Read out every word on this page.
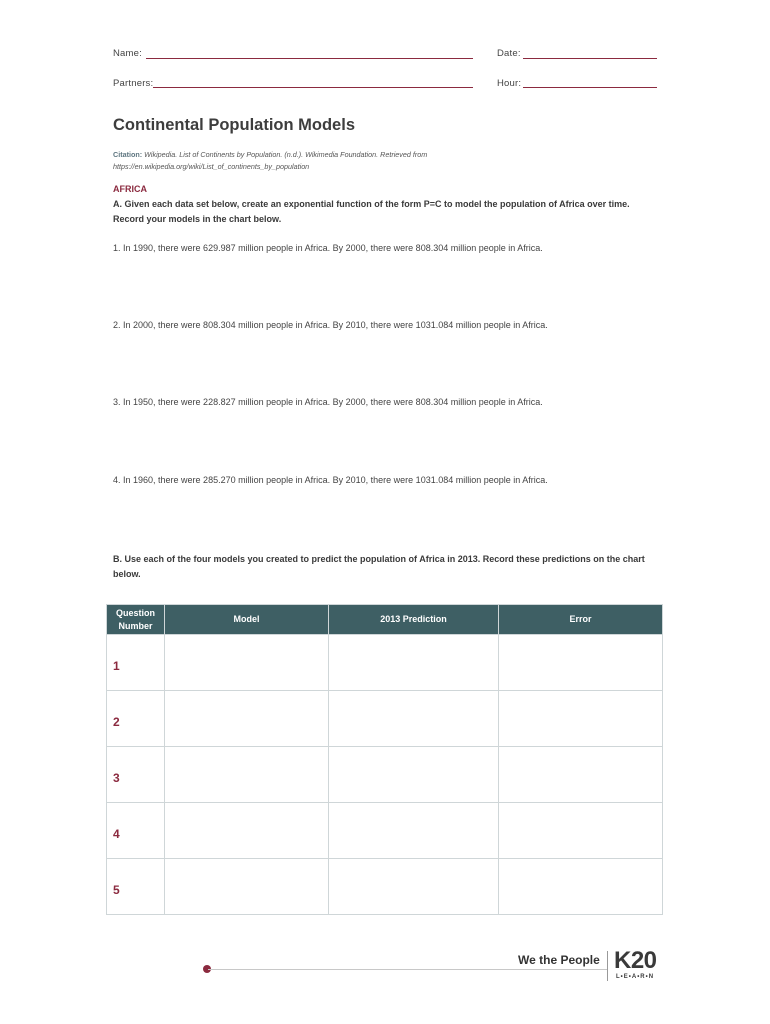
Name:	Date:
Partners:	Hour:
Continental Population Models
Citation: Wikipedia. List of Continents by Population. (n.d.). Wikimedia Foundation. Retrieved from https://en.wikipedia.org/wiki/List_of_continents_by_population
AFRICA
A. Given each data set below, create an exponential function of the form P=C to model the population of Africa over time. Record your models in the chart below.
1. In 1990, there were 629.987 million people in Africa. By 2000, there were 808.304 million people in Africa.
2. In 2000, there were 808.304 million people in Africa. By 2010, there were 1031.084 million people in Africa.
3. In 1950, there were 228.827 million people in Africa. By 2000, there were 808.304 million people in Africa.
4. In 1960, there were 285.270 million people in Africa. By 2010, there were 1031.084 million people in Africa.
B. Use each of the four models you created to predict the population of Africa in 2013. Record these predictions on the chart below.
Question Number	Model	2013 Prediction	Error
1			
2			
3			
4			
5			
We the People K20
L•E•A•R•N
